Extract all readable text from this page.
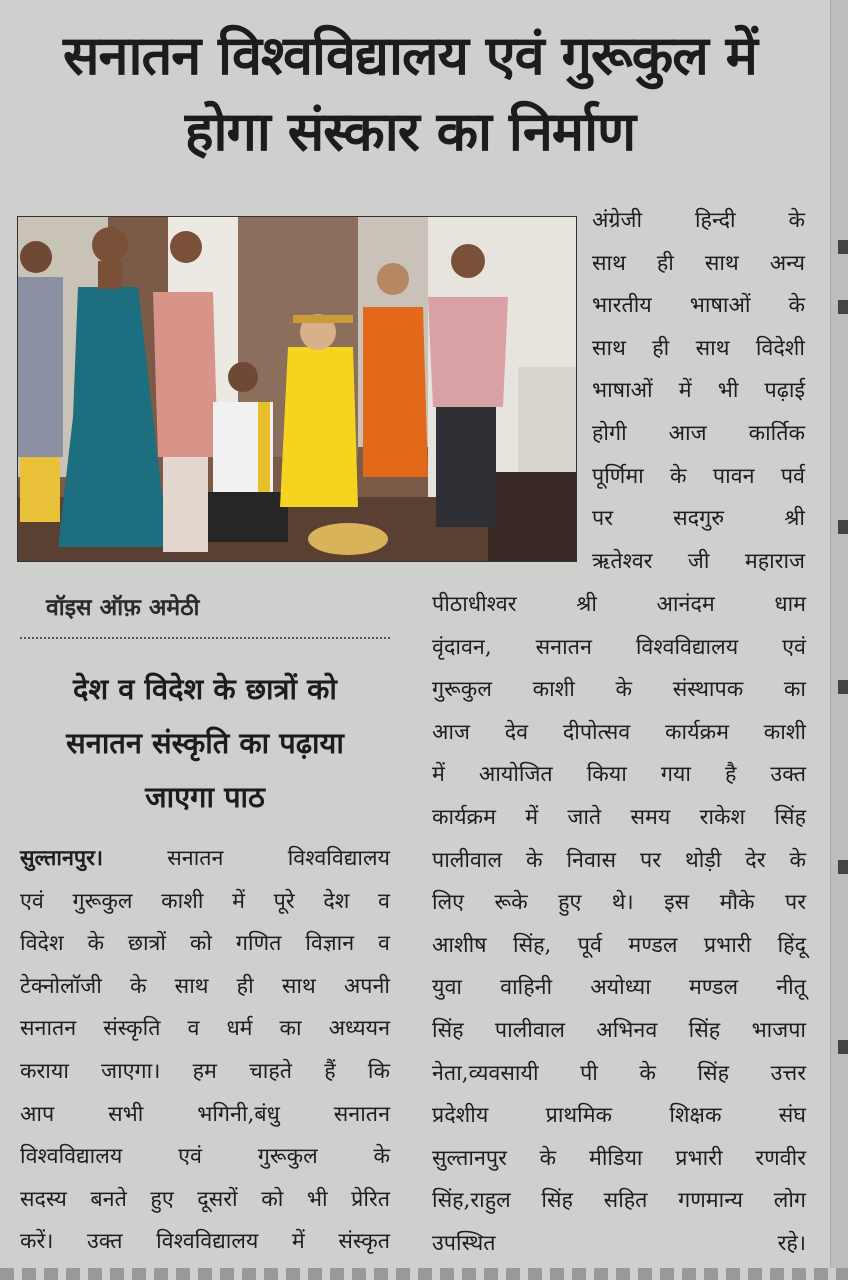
सनातन विश्वविद्यालय एवं गुरूकुल में
होगा संस्कार का निर्माण
अंग्रेजी हिन्दी के
साथ ही साथ अन्य
भारतीय भाषाओं के
साथ ही साथ विदेशी
भाषाओं में भी पढ़ाई
होगी आज कार्तिक
पूर्णिमा के पावन पर्व
पर सदगुरु श्री
ऋतेश्वर जी महाराज
वॉइस ऑफ़ अमेठी
देश व विदेश के छात्रों को
सनातन संस्कृति का पढ़ाया
जाएगा पाठ
पीठाधीश्वर श्री आनंदम धाम
वृंदावन, सनातन विश्वविद्यालय एवं
गुरूकुल काशी के संस्थापक का
आज देव दीपोत्सव कार्यक्रम काशी
में आयोजित किया गया है उक्त
कार्यक्रम में जाते समय राकेश सिंह
पालीवाल के निवास पर थोड़ी देर के
लिए रूके हुए थे। इस मौके पर
आशीष सिंह, पूर्व मण्डल प्रभारी हिंदू
युवा वाहिनी अयोध्या मण्डल नीतू
सिंह पालीवाल अभिनव सिंह भाजपा
नेता,व्यवसायी पी के सिंह उत्तर
प्रदेशीय प्राथमिक शिक्षक संघ
सुल्तानपुर के मीडिया प्रभारी रणवीर
सिंह,राहुल सिंह सहित गणमान्य लोग
उपस्थित रहे।
सुल्तानपुर।	सनातन विश्वविद्यालय
एवं गुरूकुल काशी में पूरे देश व
विदेश के छात्रों को गणित विज्ञान व
टेक्नोलॉजी के साथ ही साथ अपनी
सनातन संस्कृति व धर्म का अध्ययन
कराया जाएगा। हम चाहते हैं कि
आप सभी भगिनी,बंधु सनातन
विश्वविद्यालय एवं गुरूकुल के
सदस्य बनते हुए दूसरों को भी प्रेरित
करें। उक्त विश्वविद्यालय में संस्कृत
